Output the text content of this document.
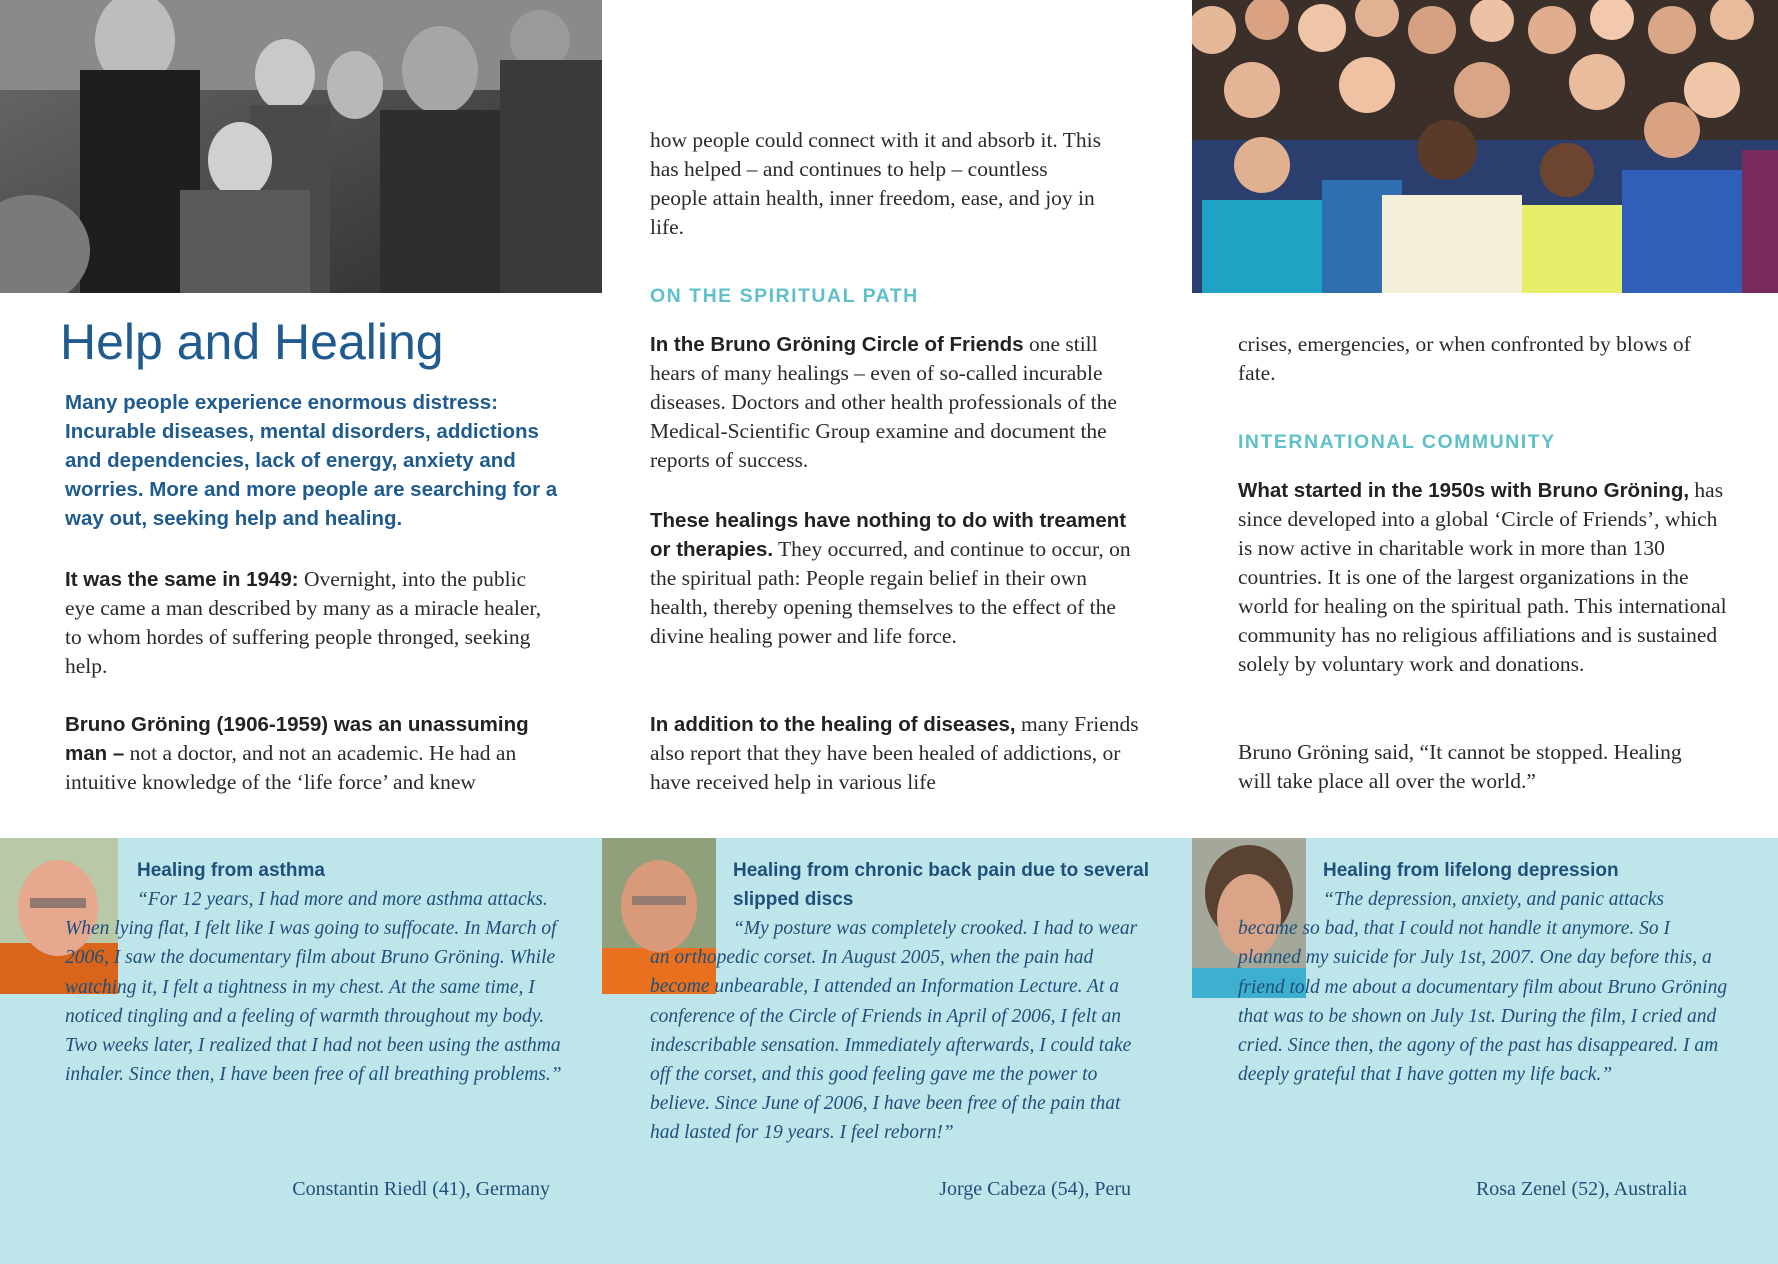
Help and Healing
Many people experience enormous distress: Incurable diseases, mental disorders, addictions and dependencies, lack of energy, anxiety and worries. More and more people are searching for a way out, seeking help and healing.
It was the same in 1949: Overnight, into the public eye came a man described by many as a miracle healer, to whom hordes of suffering people thronged, seeking help.
Bruno Gröning (1906-1959) was an unassuming man – not a doctor, and not an academic. He had an intuitive knowledge of the ‘life force’ and knew
how people could connect with it and absorb it. This has helped – and continues to help – countless people attain health, inner freedom, ease, and joy in life.
ON THE SPIRITUAL PATH
In the Bruno Gröning Circle of Friends one still hears of many healings – even of so-called incurable diseases. Doctors and other health professionals of the Medical-Scientific Group examine and document the reports of success.
These healings have nothing to do with treament or therapies. They occurred, and continue to occur, on the spiritual path: People regain belief in their own health, thereby opening themselves to the effect of the divine healing power and life force.
In addition to the healing of diseases, many Friends also report that they have been healed of addictions, or have received help in various life
crises, emergencies, or when confronted by blows of fate.
INTERNATIONAL COMMUNITY
What started in the 1950s with Bruno Gröning, has since developed into a global ‘Circle of Friends’, which is now active in charitable work in more than 130 countries. It is one of the largest organizations in the world for healing on the spiritual path. This international community has no religious affiliations and is sustained solely by voluntary work and donations.
Bruno Gröning said, “It cannot be stopped. Healing will take place all over the world.”
Healing from asthma
“For 12 years, I had more and more asthma attacks. When lying flat, I felt like I was going to suffocate. In March of 2006, I saw the documentary film about Bruno Gröning. While watching it, I felt a tightness in my chest. At the same time, I noticed tingling and a feeling of warmth throughout my body. Two weeks later, I realized that I had not been using the asthma inhaler. Since then, I have been free of all breathing problems.”
Constantin Riedl (41), Germany
Healing from chronic back pain due to several slipped discs
“My posture was completely crooked. I had to wear an orthopedic corset. In August 2005, when the pain had become unbearable, I attended an Information Lecture. At a conference of the Circle of Friends in April of 2006, I felt an indescribable sensation. Immediately afterwards, I could take off the corset, and this good feeling gave me the power to believe. Since June of 2006, I have been free of the pain that had lasted for 19 years. I feel reborn!”
Jorge Cabeza (54), Peru
Healing from lifelong depression
“The depression, anxiety, and panic attacks became so bad, that I could not handle it anymore. So I planned my suicide for July 1st, 2007. One day before this, a friend told me about a documentary film about Bruno Gröning that was to be shown on July 1st. During the film, I cried and cried. Since then, the agony of the past has disappeared. I am deeply grateful that I have gotten my life back.”
Rosa Zenel (52), Australia
